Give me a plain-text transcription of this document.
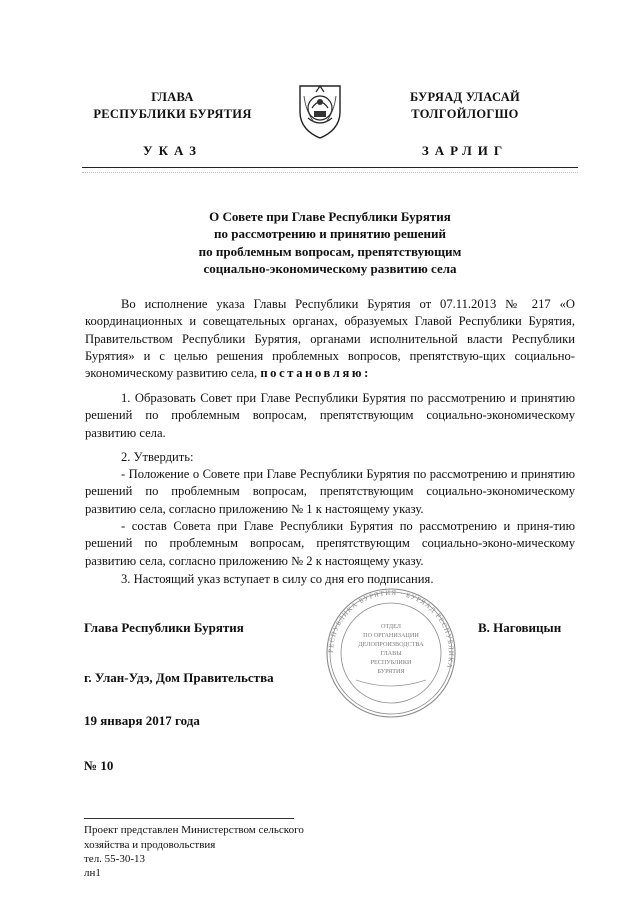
ГЛАВА
РЕСПУБЛИКИ БУРЯТИЯ
УКАЗ
БУРЯАД УЛАСАЙ
ТОЛГОЙЛОГШО
ЗАРЛИГ
О Совете при Главе Республики Бурятия
по рассмотрению и принятию решений
по проблемным вопросам, препятствующим
социально-экономическому развитию села
Во исполнение указа Главы Республики Бурятия от 07.11.2013 № 217 «О координационных и совещательных органах, образуемых Главой Республики Бурятия, Правительством Республики Бурятия, органами исполнительной власти Республики Бурятия» и с целью решения проблемных вопросов, препятствую-щих социально-экономическому развитию села, постановляю:
1. Образовать Совет при Главе Республики Бурятия по рассмотрению и принятию решений по проблемным вопросам, препятствующим социально-экономическому развитию села.
2. Утвердить:
- Положение о Совете при Главе Республики Бурятия по рассмотрению и принятию решений по проблемным вопросам, препятствующим социально-экономическому развитию села, согласно приложению № 1 к настоящему указу.
- состав Совета при Главе Республики Бурятия по рассмотрению и приня-тию решений по проблемным вопросам, препятствующим социально-эконо-мическому развитию села, согласно приложению № 2 к настоящему указу.
3. Настоящий указ вступает в силу со дня его подписания.
Глава Республики Бурятия	В. Наговицын
г. Улан-Удэ, Дом Правительства
19 января 2017 года
№ 10
РЕСПУБЛИКА БУРЯТИЯ · БУРЯАД РЕСПУБЛИКА
ОТДЕЛ
ПО ОРГАНИЗАЦИИ
ДЕЛОПРОИЗВОДСТВА
ГЛАВЫ
РЕСПУБЛИКИ
БУРЯТИЯ
Проект представлен Министерством сельского
хозяйства и продовольствия
тел. 55-30-13
лн1
